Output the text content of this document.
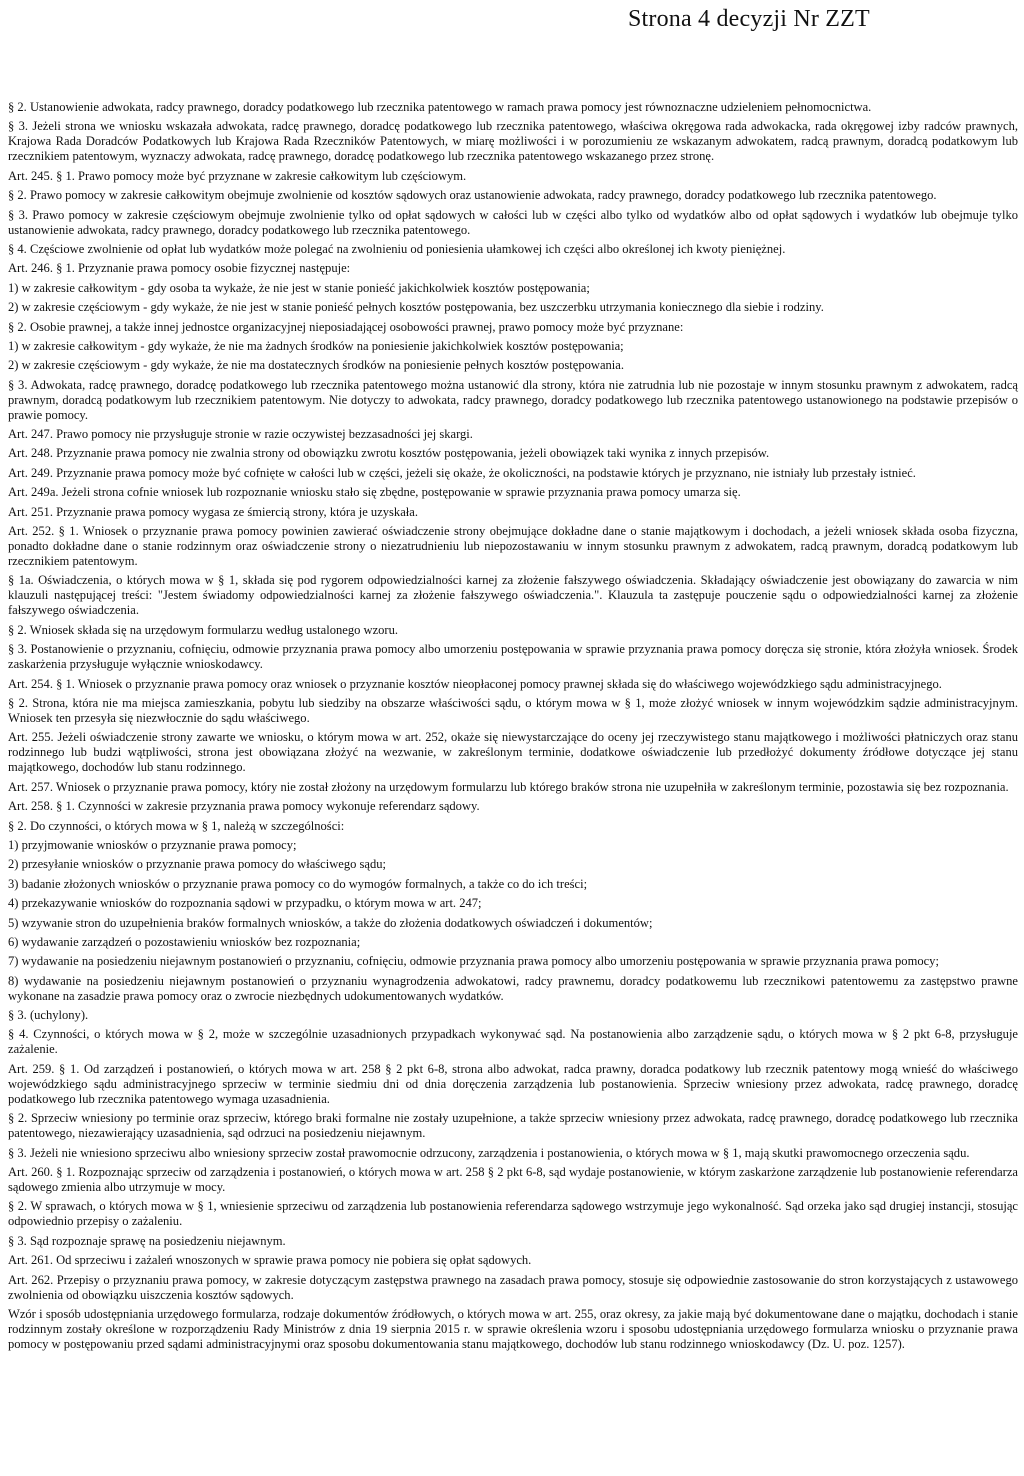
Strona 4 decyzji Nr ZZT

§ 2. Ustanowienie adwokata, radcy prawnego, doradcy podatkowego lub rzecznika patentowego w ramach prawa pomocy jest równoznaczne udzieleniem pełnomocnictwa.

§ 3. Jeżeli strona we wniosku wskazała adwokata, radcę prawnego, doradcę podatkowego lub rzecznika patentowego, właściwa okręgowa rada adwokacka, rada okręgowej izby radców prawnych, Krajowa Rada Doradców Podatkowych lub Krajowa Rada Rzeczników Patentowych, w miarę możliwości i w porozumieniu ze wskazanym adwokatem, radcą prawnym, doradcą podatkowym lub rzecznikiem patentowym, wyznaczy adwokata, radcę prawnego, doradcę podatkowego lub rzecznika patentowego wskazanego przez stronę.

Art. 245. § 1. Prawo pomocy może być przyznane w zakresie całkowitym lub częściowym.

§ 2. Prawo pomocy w zakresie całkowitym obejmuje zwolnienie od kosztów sądowych oraz ustanowienie adwokata, radcy prawnego, doradcy podatkowego lub rzecznika patentowego.

§ 3. Prawo pomocy w zakresie częściowym obejmuje zwolnienie tylko od opłat sądowych w całości lub w części albo tylko od wydatków albo od opłat sądowych i wydatków lub obejmuje tylko ustanowienie adwokata, radcy prawnego, doradcy podatkowego lub rzecznika patentowego.

§ 4. Częściowe zwolnienie od opłat lub wydatków może polegać na zwolnieniu od poniesienia ułamkowej ich części albo określonej ich kwoty pieniężnej.

Art. 246. § 1. Przyznanie prawa pomocy osobie fizycznej następuje:

1) w zakresie całkowitym - gdy osoba ta wykaże, że nie jest w stanie ponieść jakichkolwiek kosztów postępowania;

2) w zakresie częściowym - gdy wykaże, że nie jest w stanie ponieść pełnych kosztów postępowania, bez uszczerbku utrzymania koniecznego dla siebie i rodziny.

§ 2. Osobie prawnej, a także innej jednostce organizacyjnej nieposiadającej osobowości prawnej, prawo pomocy może być przyznane:

1) w zakresie całkowitym - gdy wykaże, że nie ma żadnych środków na poniesienie jakichkolwiek kosztów postępowania;

2) w zakresie częściowym - gdy wykaże, że nie ma dostatecznych środków na poniesienie pełnych kosztów postępowania.

§ 3. Adwokata, radcę prawnego, doradcę podatkowego lub rzecznika patentowego można ustanowić dla strony, która nie zatrudnia lub nie pozostaje w innym stosunku prawnym z adwokatem, radcą prawnym, doradcą podatkowym lub rzecznikiem patentowym. Nie dotyczy to adwokata, radcy prawnego, doradcy podatkowego lub rzecznika patentowego ustanowionego na podstawie przepisów o prawie pomocy.

Art. 247. Prawo pomocy nie przysługuje stronie w razie oczywistej bezzasadności jej skargi.

Art. 248. Przyznanie prawa pomocy nie zwalnia strony od obowiązku zwrotu kosztów postępowania, jeżeli obowiązek taki wynika z innych przepisów.

Art. 249. Przyznanie prawa pomocy może być cofnięte w całości lub w części, jeżeli się okaże, że okoliczności, na podstawie których je przyznano, nie istniały lub przestały istnieć.

Art. 249a. Jeżeli strona cofnie wniosek lub rozpoznanie wniosku stało się zbędne, postępowanie w sprawie przyznania prawa pomocy umarza się.

Art. 251. Przyznanie prawa pomocy wygasa ze śmiercią strony, która je uzyskała.

Art. 252. § 1. Wniosek o przyznanie prawa pomocy powinien zawierać oświadczenie strony obejmujące dokładne dane o stanie majątkowym i dochodach, a jeżeli wniosek składa osoba fizyczna, ponadto dokładne dane o stanie rodzinnym oraz oświadczenie strony o niezatrudnieniu lub niepozostawaniu w innym stosunku prawnym z adwokatem, radcą prawnym, doradcą podatkowym lub rzecznikiem patentowym.

§ 1a. Oświadczenia, o których mowa w § 1, składa się pod rygorem odpowiedzialności karnej za złożenie fałszywego oświadczenia. Składający oświadczenie jest obowiązany do zawarcia w nim klauzuli następującej treści: "Jestem świadomy odpowiedzialności karnej za złożenie fałszywego oświadczenia.". Klauzula ta zastępuje pouczenie sądu o odpowiedzialności karnej za złożenie fałszywego oświadczenia.

§ 2. Wniosek składa się na urzędowym formularzu według ustalonego wzoru.

§ 3. Postanowienie o przyznaniu, cofnięciu, odmowie przyznania prawa pomocy albo umorzeniu postępowania w sprawie przyznania prawa pomocy doręcza się stronie, która złożyła wniosek. Środek zaskarżenia przysługuje wyłącznie wnioskodawcy.

Art. 254. § 1. Wniosek o przyznanie prawa pomocy oraz wniosek o przyznanie kosztów nieopłaconej pomocy prawnej składa się do właściwego wojewódzkiego sądu administracyjnego.

§ 2. Strona, która nie ma miejsca zamieszkania, pobytu lub siedziby na obszarze właściwości sądu, o którym mowa w § 1, może złożyć wniosek w innym wojewódzkim sądzie administracyjnym. Wniosek ten przesyła się niezwłocznie do sądu właściwego.

Art. 255. Jeżeli oświadczenie strony zawarte we wniosku, o którym mowa w art. 252, okaże się niewystarczające do oceny jej rzeczywistego stanu majątkowego i możliwości płatniczych oraz stanu rodzinnego lub budzi wątpliwości, strona jest obowiązana złożyć na wezwanie, w zakreślonym terminie, dodatkowe oświadczenie lub przedłożyć dokumenty źródłowe dotyczące jej stanu majątkowego, dochodów lub stanu rodzinnego.

Art. 257. Wniosek o przyznanie prawa pomocy, który nie został złożony na urzędowym formularzu lub którego braków strona nie uzupełniła w zakreślonym terminie, pozostawia się bez rozpoznania.

Art. 258. § 1. Czynności w zakresie przyznania prawa pomocy wykonuje referendarz sądowy.

§ 2. Do czynności, o których mowa w § 1, należą w szczególności:

1) przyjmowanie wniosków o przyznanie prawa pomocy;

2) przesyłanie wniosków o przyznanie prawa pomocy do właściwego sądu;

3) badanie złożonych wniosków o przyznanie prawa pomocy co do wymogów formalnych, a także co do ich treści;

4) przekazywanie wniosków do rozpoznania sądowi w przypadku, o którym mowa w art. 247;

5) wzywanie stron do uzupełnienia braków formalnych wniosków, a także do złożenia dodatkowych oświadczeń i dokumentów;

6) wydawanie zarządzeń o pozostawieniu wniosków bez rozpoznania;

7) wydawanie na posiedzeniu niejawnym postanowień o przyznaniu, cofnięciu, odmowie przyznania prawa pomocy albo umorzeniu postępowania w sprawie przyznania prawa pomocy;

8) wydawanie na posiedzeniu niejawnym postanowień o przyznaniu wynagrodzenia adwokatowi, radcy prawnemu, doradcy podatkowemu lub rzecznikowi patentowemu za zastępstwo prawne wykonane na zasadzie prawa pomocy oraz o zwrocie niezbędnych udokumentowanych wydatków.

§ 3. (uchylony).

§ 4. Czynności, o których mowa w § 2, może w szczególnie uzasadnionych przypadkach wykonywać sąd. Na postanowienia albo zarządzenie sądu, o których mowa w § 2 pkt 6-8, przysługuje zażalenie.

Art. 259. § 1. Od zarządzeń i postanowień, o których mowa w art. 258 § 2 pkt 6-8, strona albo adwokat, radca prawny, doradca podatkowy lub rzecznik patentowy mogą wnieść do właściwego wojewódzkiego sądu administracyjnego sprzeciw w terminie siedmiu dni od dnia doręczenia zarządzenia lub postanowienia. Sprzeciw wniesiony przez adwokata, radcę prawnego, doradcę podatkowego lub rzecznika patentowego wymaga uzasadnienia.

§ 2. Sprzeciw wniesiony po terminie oraz sprzeciw, którego braki formalne nie zostały uzupełnione, a także sprzeciw wniesiony przez adwokata, radcę prawnego, doradcę podatkowego lub rzecznika patentowego, niezawierający uzasadnienia, sąd odrzuci na posiedzeniu niejawnym.

§ 3. Jeżeli nie wniesiono sprzeciwu albo wniesiony sprzeciw został prawomocnie odrzucony, zarządzenia i postanowienia, o których mowa w § 1, mają skutki prawomocnego orzeczenia sądu.

Art. 260. § 1. Rozpoznając sprzeciw od zarządzenia i postanowień, o których mowa w art. 258 § 2 pkt 6-8, sąd wydaje postanowienie, w którym zaskarżone zarządzenie lub postanowienie referendarza sądowego zmienia albo utrzymuje w mocy.

§ 2. W sprawach, o których mowa w § 1, wniesienie sprzeciwu od zarządzenia lub postanowienia referendarza sądowego wstrzymuje jego wykonalność. Sąd orzeka jako sąd drugiej instancji, stosując odpowiednio przepisy o zażaleniu.

§ 3. Sąd rozpoznaje sprawę na posiedzeniu niejawnym.

Art. 261. Od sprzeciwu i zażaleń wnoszonych w sprawie prawa pomocy nie pobiera się opłat sądowych.

Art. 262. Przepisy o przyznaniu prawa pomocy, w zakresie dotyczącym zastępstwa prawnego na zasadach prawa pomocy, stosuje się odpowiednie zastosowanie do stron korzystających z ustawowego zwolnienia od obowiązku uiszczenia kosztów sądowych.

Wzór i sposób udostępniania urzędowego formularza, rodzaje dokumentów źródłowych, o których mowa w art. 255, oraz okresy, za jakie mają być dokumentowane dane o majątku, dochodach i stanie rodzinnym zostały określone w rozporządzeniu Rady Ministrów z dnia 19 sierpnia 2015 r. w sprawie określenia wzoru i sposobu udostępniania urzędowego formularza wniosku o przyznanie prawa pomocy w postępowaniu przed sądami administracyjnymi oraz sposobu dokumentowania stanu majątkowego, dochodów lub stanu rodzinnego wnioskodawcy (Dz. U. poz. 1257).
